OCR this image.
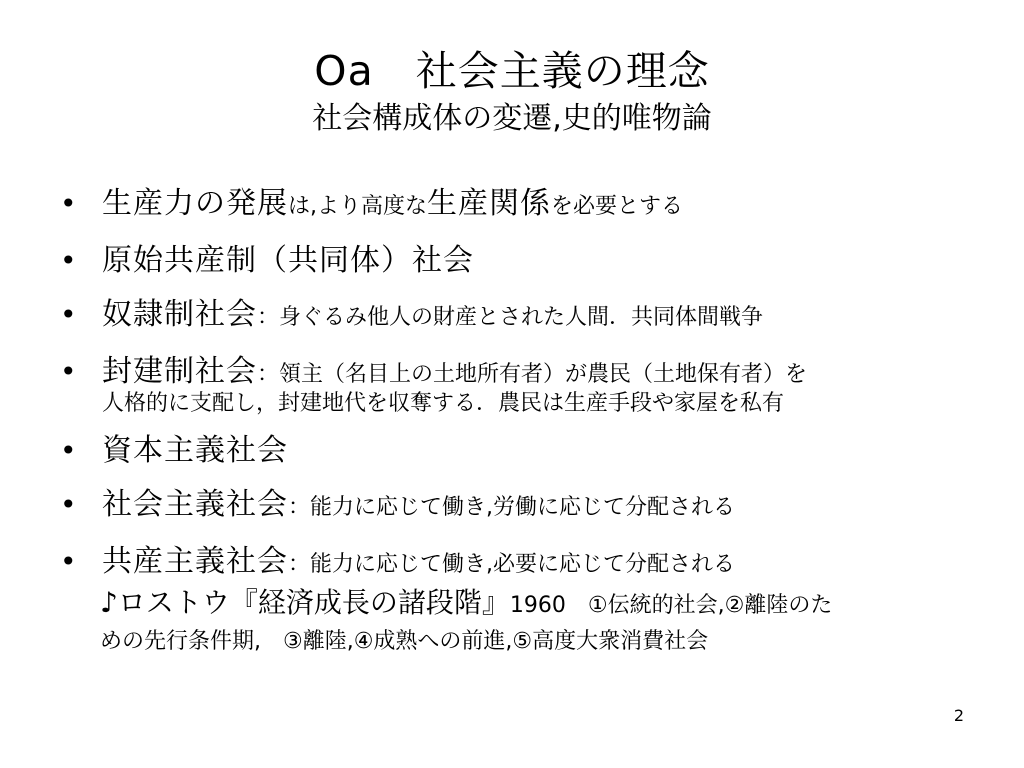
Oa　社会主義の理念
社会構成体の変遷,史的唯物論
• 生産力の発展は,より高度な生産関係を必要とする
• 原始共産制（共同体）社会
• 奴隷制社会：身ぐるみ他人の財産とされた人間．共同体間戦争
• 封建制社会：領主（名目上の土地所有者）が農民（土地保有者）を
人格的に支配し，封建地代を収奪する．農民は生産手段や家屋を私有
• 資本主義社会
• 社会主義社会：能力に応じて働き,労働に応じて分配される
• 共産主義社会：能力に応じて働き,必要に応じて分配される
♪ロストウ『経済成長の諸段階』1960　①伝統的社会,②離陸のた
めの先行条件期,　③離陸,④成熟への前進,⑤高度大衆消費社会
2
